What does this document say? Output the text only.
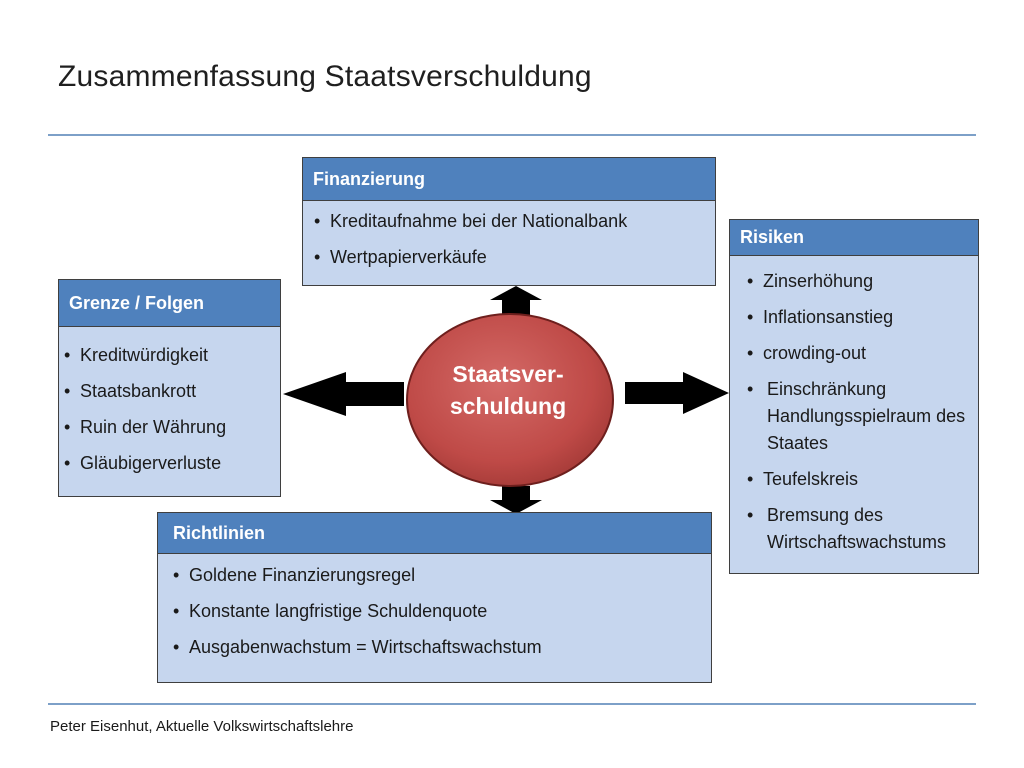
Zusammenfassung Staatsverschuldung
Staatsver-
schuldung
Finanzierung
• Kreditaufnahme bei der Nationalbank
• Wertpapierverkäufe
Risiken
• Zinserhöhung
• Inflationsanstieg
• crowding-out
• Einschränkung Handlungsspielraum des Staates
• Teufelskreis
• Bremsung des Wirtschaftswachstums
Grenze / Folgen
• Kreditwürdigkeit
• Staatsbankrott
• Ruin der Währung
• Gläubigerverluste
Richtlinien
• Goldene Finanzierungsregel
• Konstante langfristige Schuldenquote
• Ausgabenwachstum = Wirtschaftswachstum
Peter Eisenhut, Aktuelle Volkswirtschaftslehre
